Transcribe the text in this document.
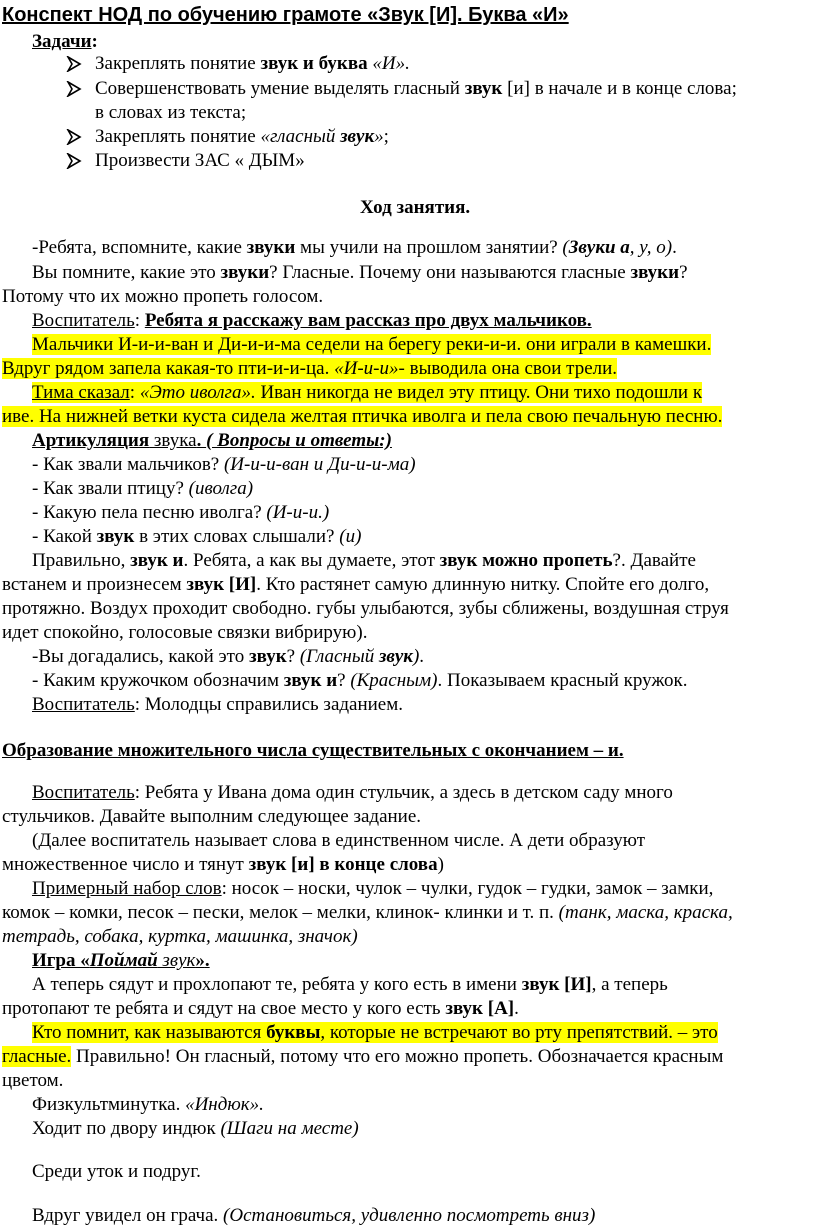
Конспект НОД по обучению грамоте «Звук [И]. Буква «И»
Задачи:
Закреплять понятие звук и буква «И».
Совершенствовать умение выделять гласный звук [и] в начале и в конце слова;
в словах из текста;
Закреплять понятие «гласный звук»;
Произвести ЗАС « ДЫМ»
Ход занятия.
-Ребята, вспомните, какие звуки мы учили на прошлом занятии? (Звуки а, у, о).
Вы помните, какие это звуки? Гласные. Почему они называются гласные звуки?
Потому что их можно пропеть голосом.
Воспитатель: Ребята я расскажу вам рассказ про двух мальчиков.
Мальчики И-и-и-ван и Ди-и-и-ма седели на берегу реки-и-и. они играли в камешки.
Вдруг рядом запела какая-то пти-и-и-ца. «И-и-и»- выводила она свои трели.
Тима сказал: «Это иволга». Иван никогда не видел эту птицу. Они тихо подошли к
иве. На нижней ветки куста сидела желтая птичка иволга и пела свою печальную песню.
Артикуляция звука. ( Вопросы и ответы:)
- Как звали мальчиков? (И-и-и-ван и Ди-и-и-ма)
- Как звали птицу? (иволга)
- Какую пела песню иволга? (И-и-и.)
- Какой звук в этих словах слышали? (и)
Правильно, звук и. Ребята, а как вы думаете, этот звук можно пропеть?. Давайте
встанем и произнесем звук [И]. Кто растянет самую длинную нитку. Спойте его долго,
протяжно. Воздух проходит свободно. губы улыбаются, зубы сближены, воздушная струя
идет спокойно, голосовые связки вибрирую).
-Вы догадались, какой это звук? (Гласный звук).
- Каким кружочком обозначим звук и? (Красным). Показываем красный кружок.
Воспитатель: Молодцы справились заданием.
Образование множительного числа существительных с окончанием – и.
Воспитатель: Ребята у Ивана дома один стульчик, а здесь в детском саду много
стульчиков. Давайте выполним следующее задание.
(Далее воспитатель называет слова в единственном числе. А дети образуют
множественное число и тянут звук [и] в конце слова)
Примерный набор слов: носок – носки, чулок – чулки, гудок – гудки, замок – замки,
комок – комки, песок – пески, мелок – мелки, клинок- клинки и т. п. (танк, маска, краска,
тетрадь, собака, куртка, машинка, значок)
Игра «Поймай звук».
А теперь сядут и прохлопают те, ребята у кого есть в имени звук [И], а теперь
протопают те ребята и сядут на свое место у кого есть звук [А].
Кто помнит, как называются буквы, которые не встречают во рту препятствий. – это
гласные. Правильно! Он гласный, потому что его можно пропеть. Обозначается красным
цветом.
Физкультминутка. «Индюк».
Ходит по двору индюк (Шаги на месте)
Среди уток и подруг.
Вдруг увидел он грача. (Остановиться, удивленно посмотреть вниз)
